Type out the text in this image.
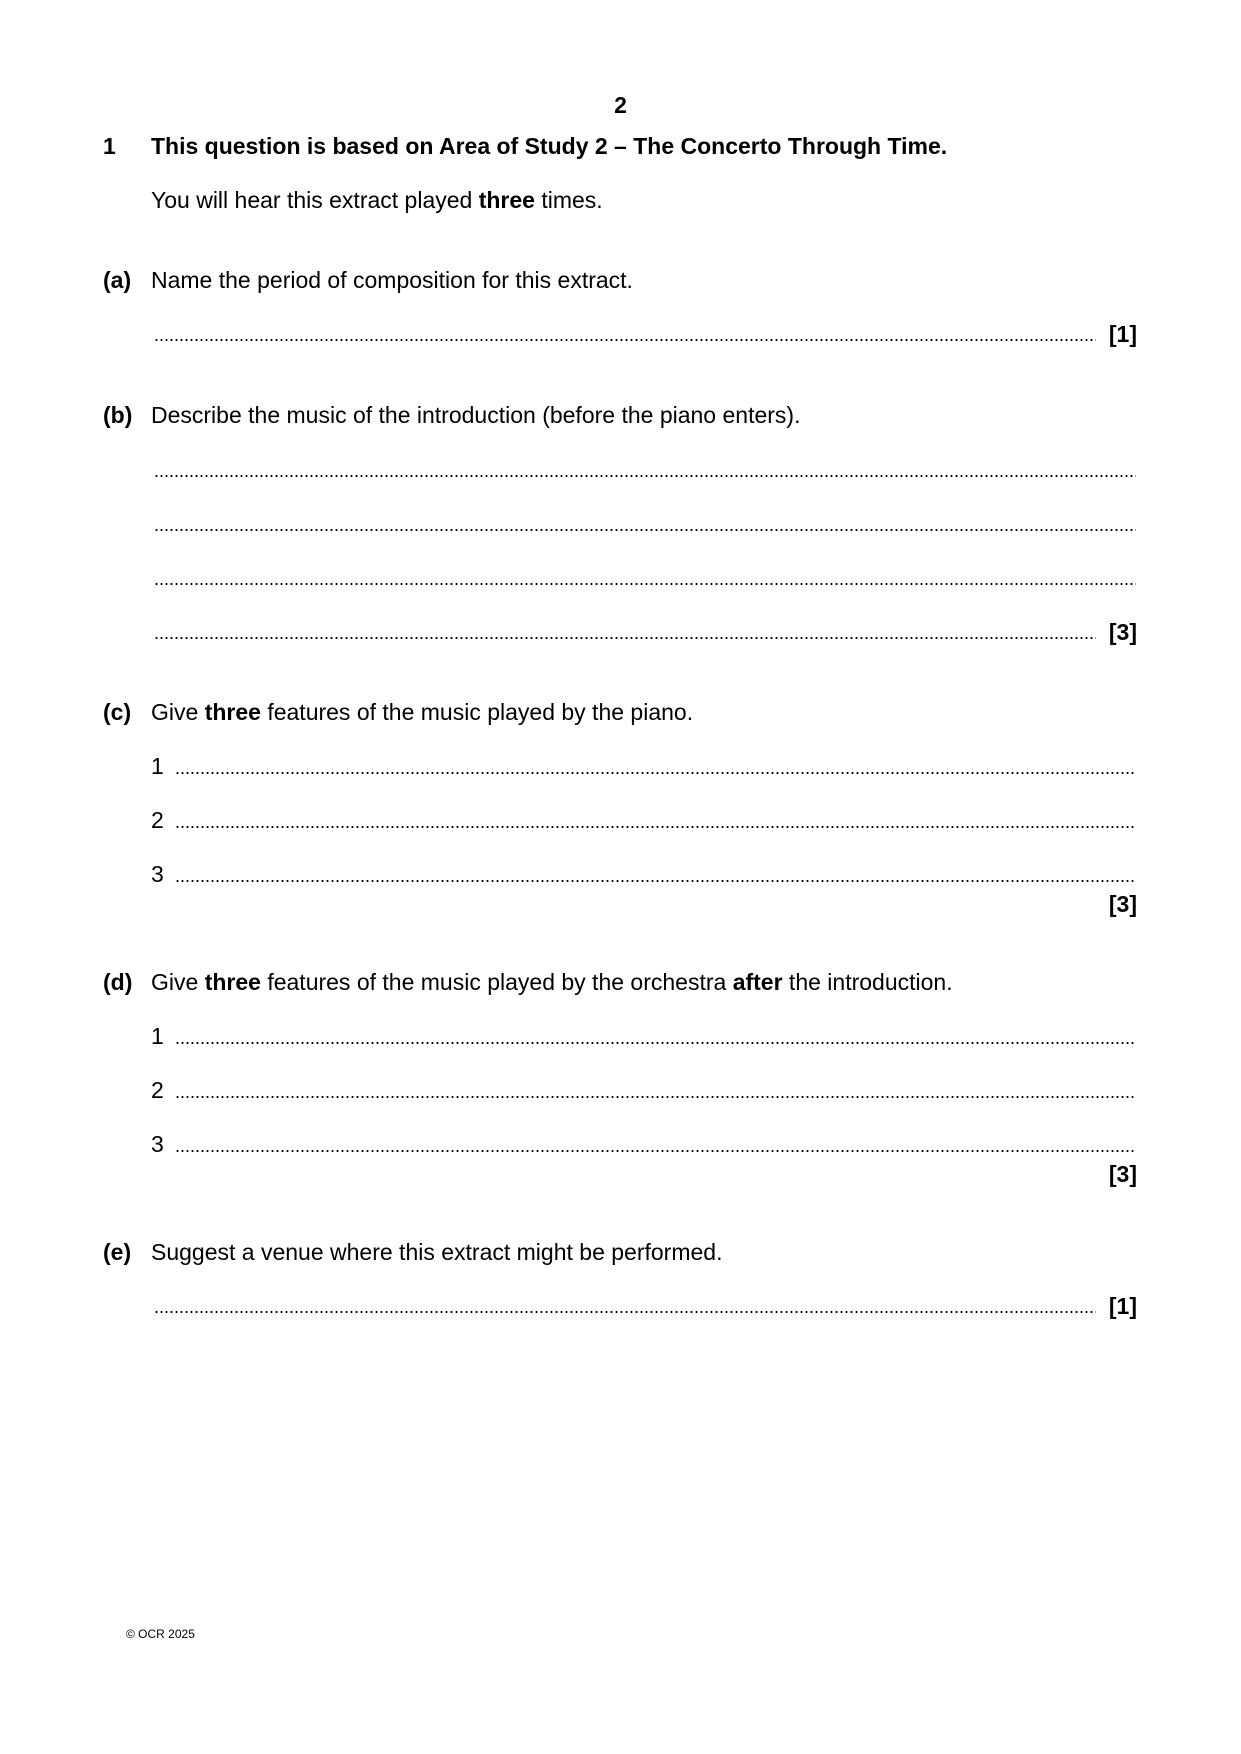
2
1 This question is based on Area of Study 2 – The Concerto Through Time.
You will hear this extract played three times.
(a) Name the period of composition for this extract.
[1]
(b) Describe the music of the introduction (before the piano enters).
[3]
(c) Give three features of the music played by the piano.
1
2
3
[3]
(d) Give three features of the music played by the orchestra after the introduction.
1
2
3
[3]
(e) Suggest a venue where this extract might be performed.
[1]
© OCR 2025
